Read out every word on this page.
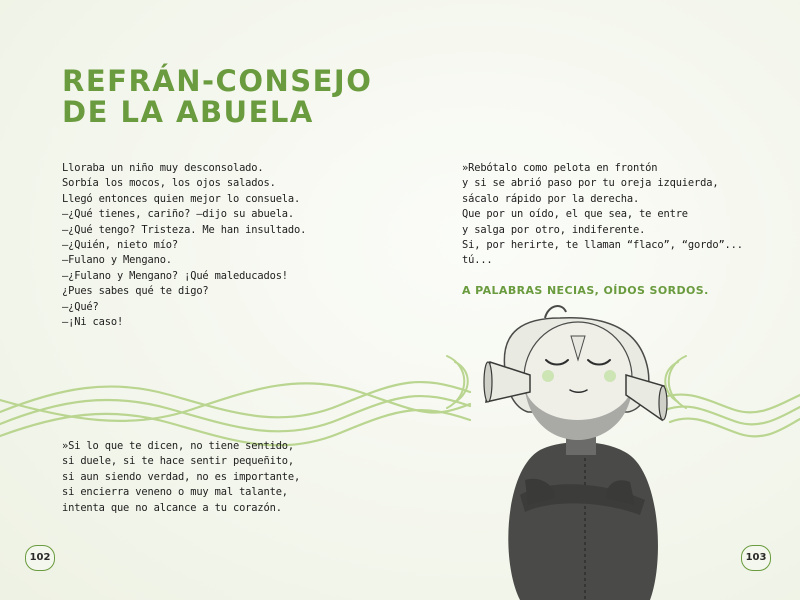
REFRÁN-CONSEJO
DE LA ABUELA
Lloraba un niño muy desconsolado.
Sorbía los mocos, los ojos salados.
Llegó entonces quien mejor lo consuela.
—¿Qué tienes, cariño? —dijo su abuela.
—¿Qué tengo? Tristeza. Me han insultado.
—¿Quién, nieto mío?
—Fulano y Mengano.
—¿Fulano y Mengano? ¡Qué maleducados!
¿Pues sabes qué te digo?
—¿Qué?
—¡Ni caso!
»Rebótalo como pelota en frontón
y si se abrió paso por tu oreja izquierda,
sácalo rápido por la derecha.
Que por un oído, el que sea, te entre
y salga por otro, indiferente.
Si, por herirte, te llaman “flaco”, “gordo”...
tú...

A PALABRAS NECIAS, OÍDOS SORDOS.

»Si lo que te dicen, no tiene sentido,
si duele, si te hace sentir pequeñito,
si aun siendo verdad, no es importante,
si encierra veneno o muy mal talante,
intenta que no alcance a tu corazón.
102	103
